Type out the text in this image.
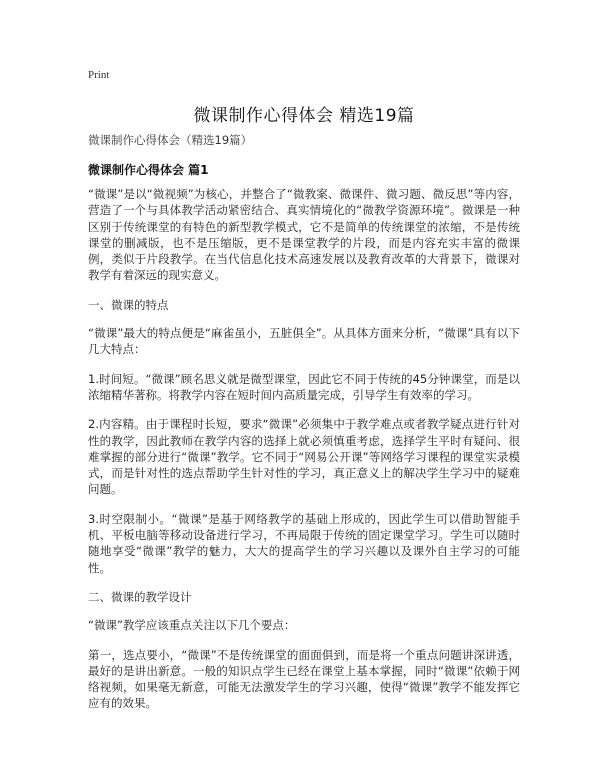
Print
微课制作心得体会 精选19篇

微课制作心得体会（精选19篇）

微课制作心得体会 篇1

“微课”是以“微视频”为核心，并整合了“微教案、微课件、微习题、微反思”等内容，营造了一个与具体教学活动紧密结合、真实情境化的“微教学资源环境”。微课是一种区别于传统课堂的有特色的新型教学模式，它不是简单的传统课堂的浓缩，不是传统课堂的删减版，也不是压缩版，更不是课堂教学的片段，而是内容充实丰富的微课例，类似于片段教学。在当代信息化技术高速发展以及教育改革的大背景下，微课对教学有着深远的现实意义。

一、微课的特点

“微课”最大的特点便是“麻雀虽小，五脏俱全”。从具体方面来分析，“微课”具有以下几大特点：

1.时间短。“微课”顾名思义就是微型课堂，因此它不同于传统的45分钟课堂，而是以浓缩精华著称。将教学内容在短时间内高质量完成，引导学生有效率的学习。

2.内容精。由于课程时长短，要求“微课”必须集中于教学难点或者教学疑点进行针对性的教学，因此教师在教学内容的选择上就必须慎重考虑，选择学生平时有疑问、很难掌握的部分进行“微课”教学。它不同于“网易公开课”等网络学习课程的课堂实录模式，而是针对性的选点帮助学生针对性的学习，真正意义上的解决学生学习中的疑难问题。

3.时空限制小。“微课”是基于网络教学的基础上形成的，因此学生可以借助智能手机、平板电脑等移动设备进行学习，不再局限于传统的固定课堂学习。学生可以随时随地享受“微课”教学的魅力，大大的提高学生的学习兴趣以及课外自主学习的可能性。

二、微课的教学设计

“微课”教学应该重点关注以下几个要点：

第一，选点要小，“微课”不是传统课堂的面面俱到，而是将一个重点问题讲深讲透，最好的是讲出新意。一般的知识点学生已经在课堂上基本掌握，同时“微课”依赖于网络视频，如果毫无新意，可能无法激发学生的学习兴趣，使得“微课”教学不能发挥它应有的效果。
